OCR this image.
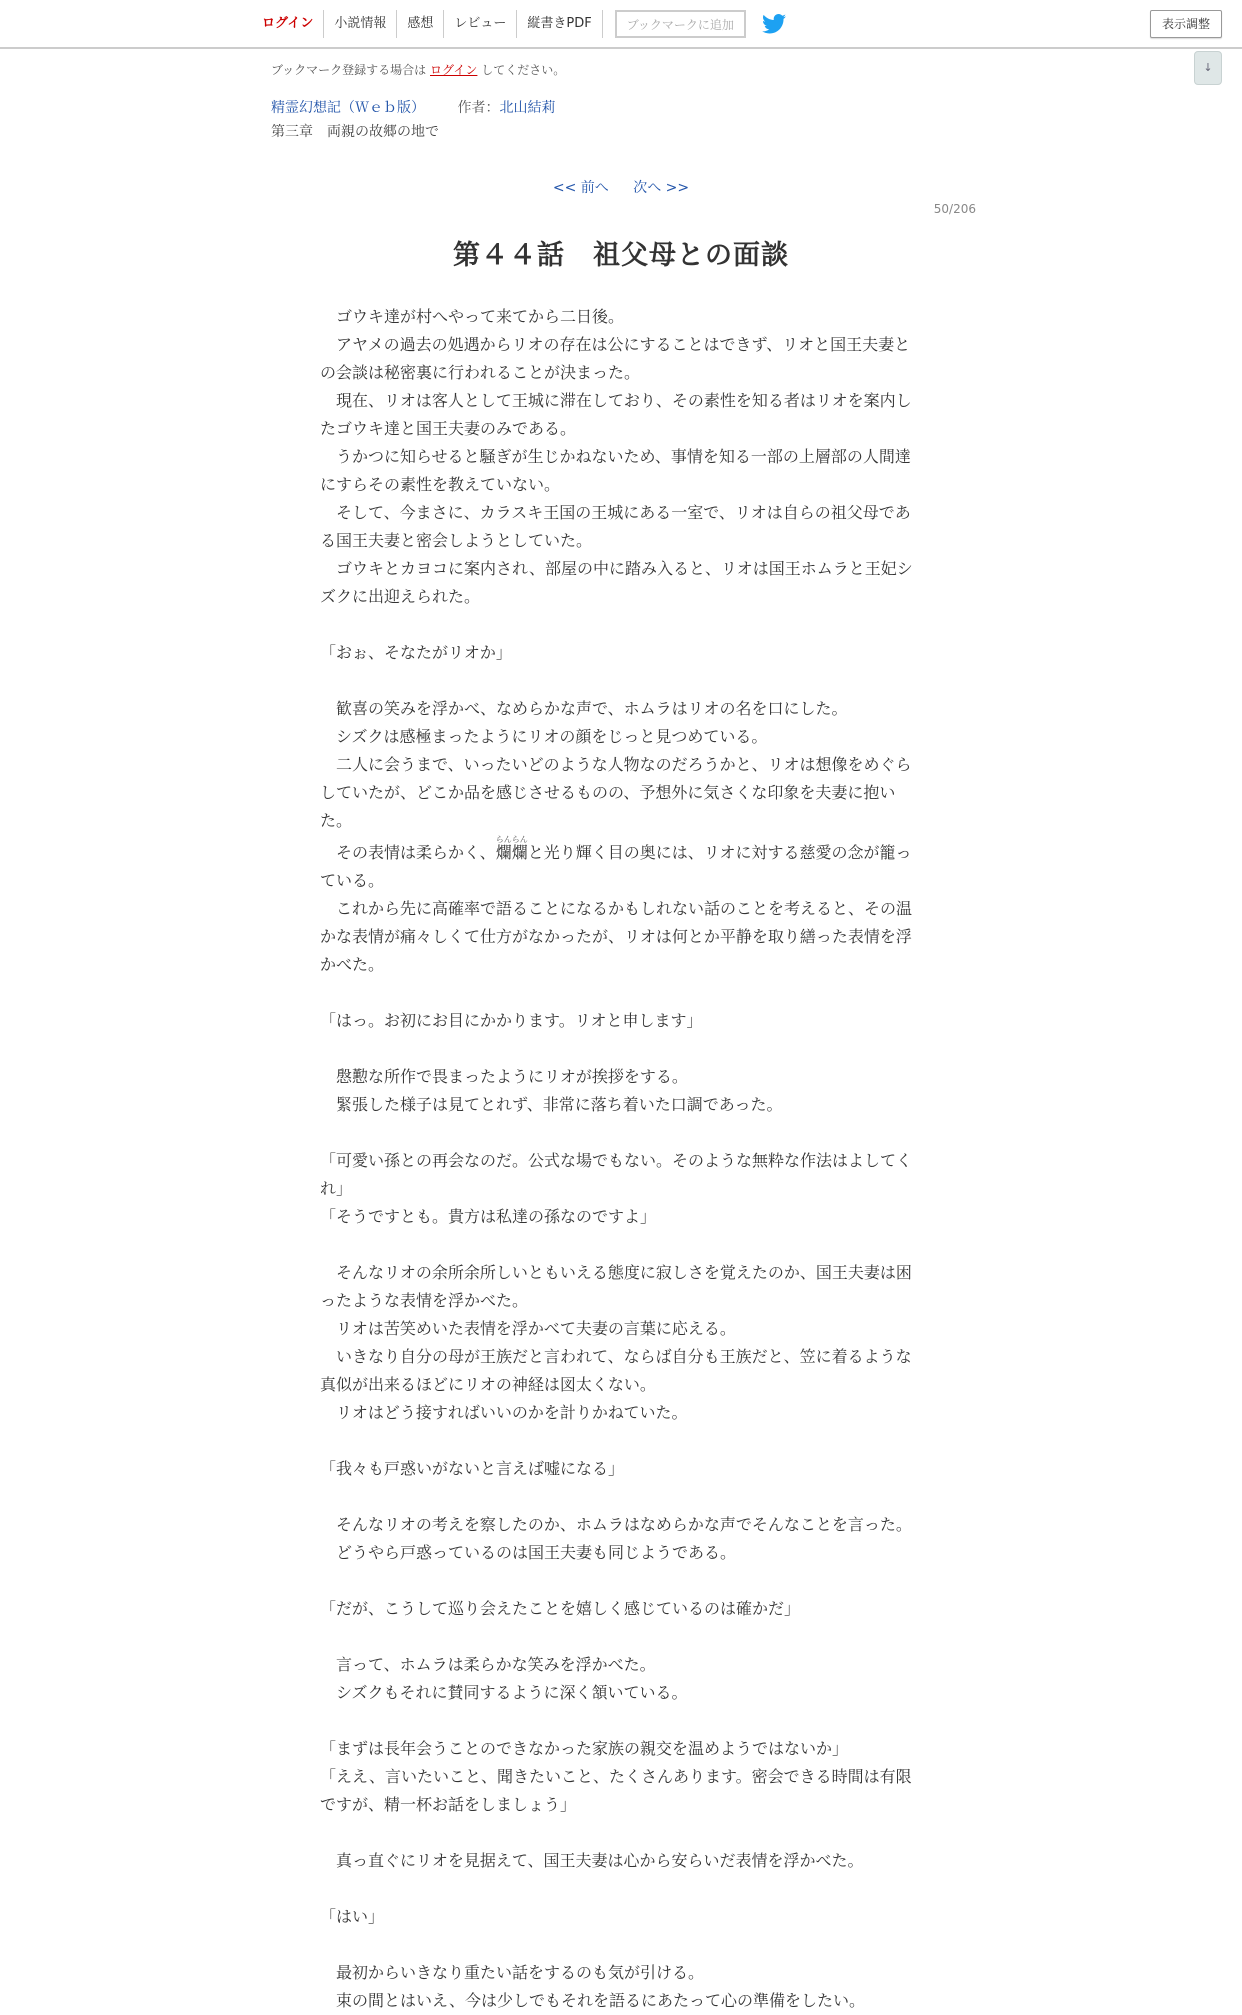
ログイン	小説情報	感想	レビュー	縦書きPDF	ブックマークに追加	表示調整
↓
ブックマーク登録する場合は ログイン してください。
精霊幻想記（Ｗｅｂ版） 作者：北山結莉
第三章　両親の故郷の地で
<< 前へ 次へ >>
50/206
第４４話　祖父母との面談

　ゴウキ達が村へやって来てから二日後。

　アヤメの過去の処遇からリオの存在は公にすることはできず、リオと国王夫妻との会談は秘密裏に行われることが決まった。

　現在、リオは客人として王城に滞在しており、その素性を知る者はリオを案内したゴウキ達と国王夫妻のみである。

　うかつに知らせると騒ぎが生じかねないため、事情を知る一部の上層部の人間達にすらその素性を教えていない。

　そして、今まさに、カラスキ王国の王城にある一室で、リオは自らの祖父母である国王夫妻と密会しようとしていた。

　ゴウキとカヨコに案内され、部屋の中に踏み入ると、リオは国王ホムラと王妃シズクに出迎えられた。

「おぉ、そなたがリオか」

　歓喜の笑みを浮かべ、なめらかな声で、ホムラはリオの名を口にした。

　シズクは感極まったようにリオの顔をじっと見つめている。

　二人に会うまで、いったいどのような人物なのだろうかと、リオは想像をめぐらしていたが、どこか品を感じさせるものの、予想外に気さくな印象を夫妻に抱いた。

　その表情は柔らかく、爛爛らんらんと光り輝く目の奥には、リオに対する慈愛の念が籠っている。

　これから先に高確率で語ることになるかもしれない話のことを考えると、その温かな表情が痛々しくて仕方がなかったが、リオは何とか平静を取り繕った表情を浮かべた。

「はっ。お初にお目にかかります。リオと申します」

　慇懃な所作で畏まったようにリオが挨拶をする。

　緊張した様子は見てとれず、非常に落ち着いた口調であった。

「可愛い孫との再会なのだ。公式な場でもない。そのような無粋な作法はよしてくれ」

「そうですとも。貴方は私達の孫なのですよ」

　そんなリオの余所余所しいともいえる態度に寂しさを覚えたのか、国王夫妻は困ったような表情を浮かべた。

　リオは苦笑めいた表情を浮かべて夫妻の言葉に応える。

　いきなり自分の母が王族だと言われて、ならば自分も王族だと、笠に着るような真似が出来るほどにリオの神経は図太くない。

　リオはどう接すればいいのかを計りかねていた。

「我々も戸惑いがないと言えば嘘になる」

　そんなリオの考えを察したのか、ホムラはなめらかな声でそんなことを言った。

　どうやら戸惑っているのは国王夫妻も同じようである。

「だが、こうして巡り会えたことを嬉しく感じているのは確かだ」

　言って、ホムラは柔らかな笑みを浮かべた。

　シズクもそれに賛同するように深く頷いている。

「まずは長年会うことのできなかった家族の親交を温めようではないか」

「ええ、言いたいこと、聞きたいこと、たくさんあります。密会できる時間は有限ですが、精一杯お話をしましょう」

　真っ直ぐにリオを見据えて、国王夫妻は心から安らいだ表情を浮かべた。

「はい」

　最初からいきなり重たい話をするのも気が引ける。

　束の間とはいえ、今は少しでもそれを語るにあたって心の準備をしたい。
